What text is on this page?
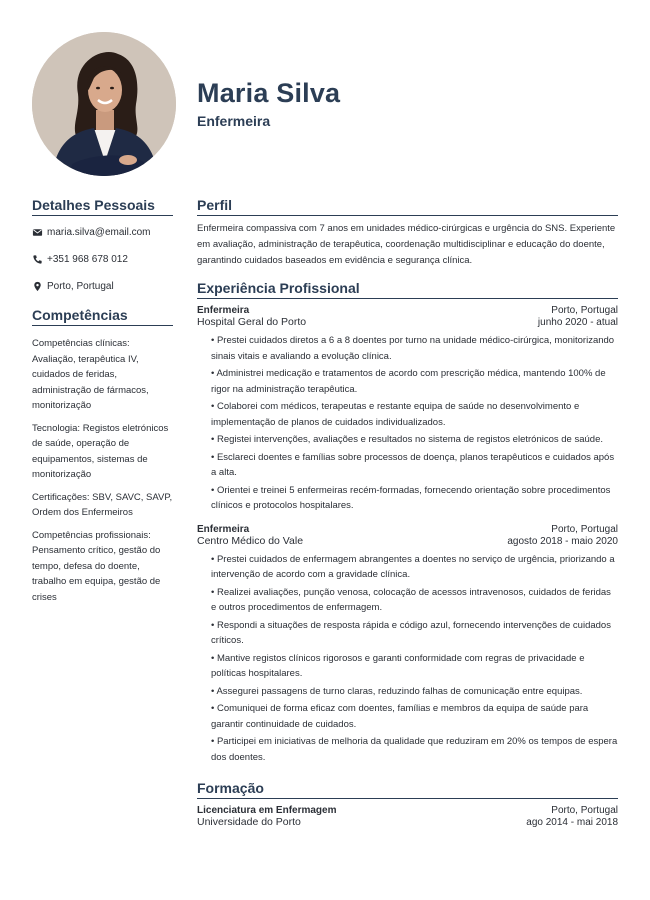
Maria Silva
Enfermeira
Detalhes Pessoais
maria.silva@email.com
+351 968 678 012
Porto, Portugal
Competências
Competências clínicas: Avaliação, terapêutica IV, cuidados de feridas, administração de fármacos, monitorização
Tecnologia: Registos eletrónicos de saúde, operação de equipamentos, sistemas de monitorização
Certificações: SBV, SAVC, SAVP, Ordem dos Enfermeiros
Competências profissionais: Pensamento crítico, gestão do tempo, defesa do doente, trabalho em equipa, gestão de crises
Perfil
Enfermeira compassiva com 7 anos em unidades médico-cirúrgicas e urgência do SNS. Experiente em avaliação, administração de terapêutica, coordenação multidisciplinar e educação do doente, garantindo cuidados baseados em evidência e segurança clínica.
Experiência Profissional
Enfermeira	Porto, Portugal
Hospital Geral do Porto	junho 2020 - atual
• Prestei cuidados diretos a 6 a 8 doentes por turno na unidade médico-cirúrgica, monitorizando sinais vitais e avaliando a evolução clínica.
• Administrei medicação e tratamentos de acordo com prescrição médica, mantendo 100% de rigor na administração terapêutica.
• Colaborei com médicos, terapeutas e restante equipa de saúde no desenvolvimento e implementação de planos de cuidados individualizados.
• Registei intervenções, avaliações e resultados no sistema de registos eletrónicos de saúde.
• Esclareci doentes e famílias sobre processos de doença, planos terapêuticos e cuidados após a alta.
• Orientei e treinei 5 enfermeiras recém-formadas, fornecendo orientação sobre procedimentos clínicos e protocolos hospitalares.
Enfermeira	Porto, Portugal
Centro Médico do Vale	agosto 2018 - maio 2020
• Prestei cuidados de enfermagem abrangentes a doentes no serviço de urgência, priorizando a intervenção de acordo com a gravidade clínica.
• Realizei avaliações, punção venosa, colocação de acessos intravenosos, cuidados de feridas e outros procedimentos de enfermagem.
• Respondi a situações de resposta rápida e código azul, fornecendo intervenções de cuidados críticos.
• Mantive registos clínicos rigorosos e garanti conformidade com regras de privacidade e políticas hospitalares.
• Assegurei passagens de turno claras, reduzindo falhas de comunicação entre equipas.
• Comuniquei de forma eficaz com doentes, famílias e membros da equipa de saúde para garantir continuidade de cuidados.
• Participei em iniciativas de melhoria da qualidade que reduziram em 20% os tempos de espera dos doentes.
Formação
Licenciatura em Enfermagem	Porto, Portugal
Universidade do Porto	ago 2014 - mai 2018
